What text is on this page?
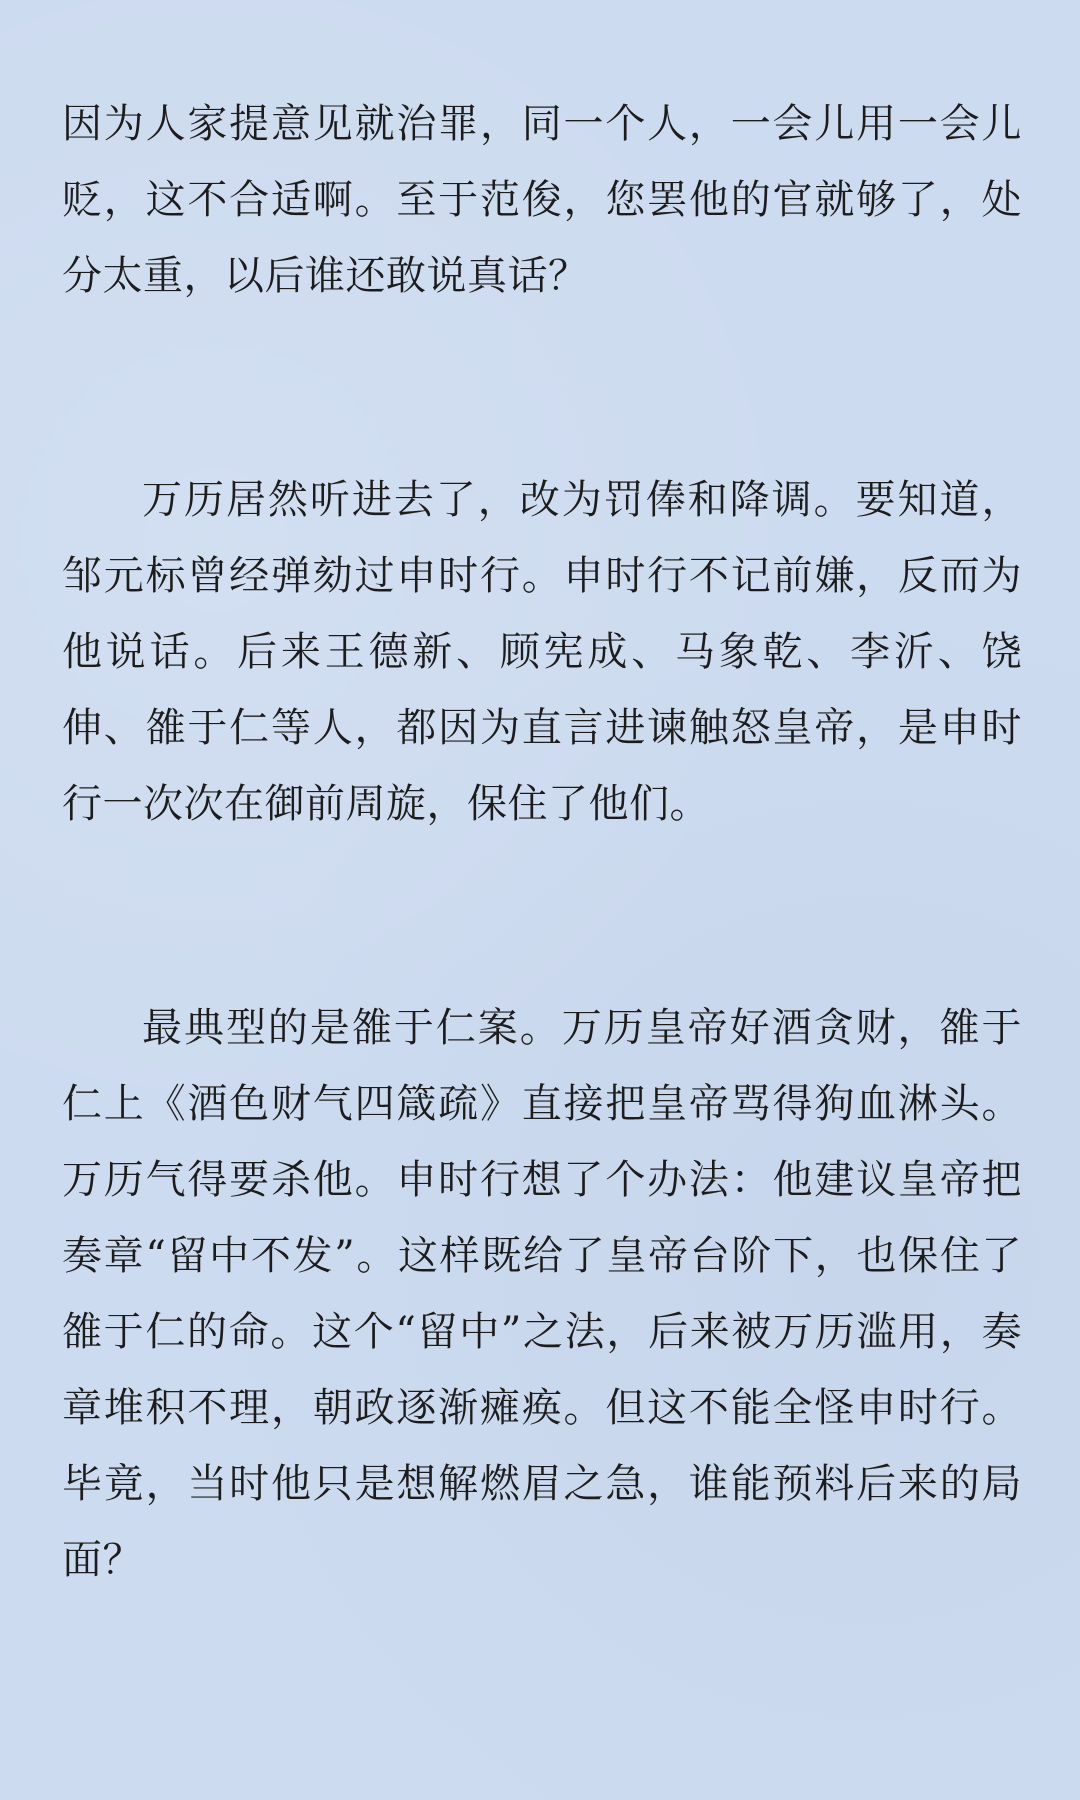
因为人家提意见就治罪，同一个人，一会儿用一会儿贬，这不合适啊。至于范俊，您罢他的官就够了，处分太重，以后谁还敢说真话？

万历居然听进去了，改为罚俸和降调。要知道，邹元标曾经弹劾过申时行。申时行不记前嫌，反而为他说话。后来王德新、顾宪成、马象乾、李沂、饶伸、雒于仁等人，都因为直言进谏触怒皇帝，是申时行一次次在御前周旋，保住了他们。

最典型的是雒于仁案。万历皇帝好酒贪财，雒于仁上《酒色财气四箴疏》直接把皇帝骂得狗血淋头。万历气得要杀他。申时行想了个办法：他建议皇帝把奏章“留中不发”。这样既给了皇帝台阶下，也保住了雒于仁的命。这个“留中”之法，后来被万历滥用，奏章堆积不理，朝政逐渐瘫痪。但这不能全怪申时行。毕竟，当时他只是想解燃眉之急，谁能预料后来的局面？
